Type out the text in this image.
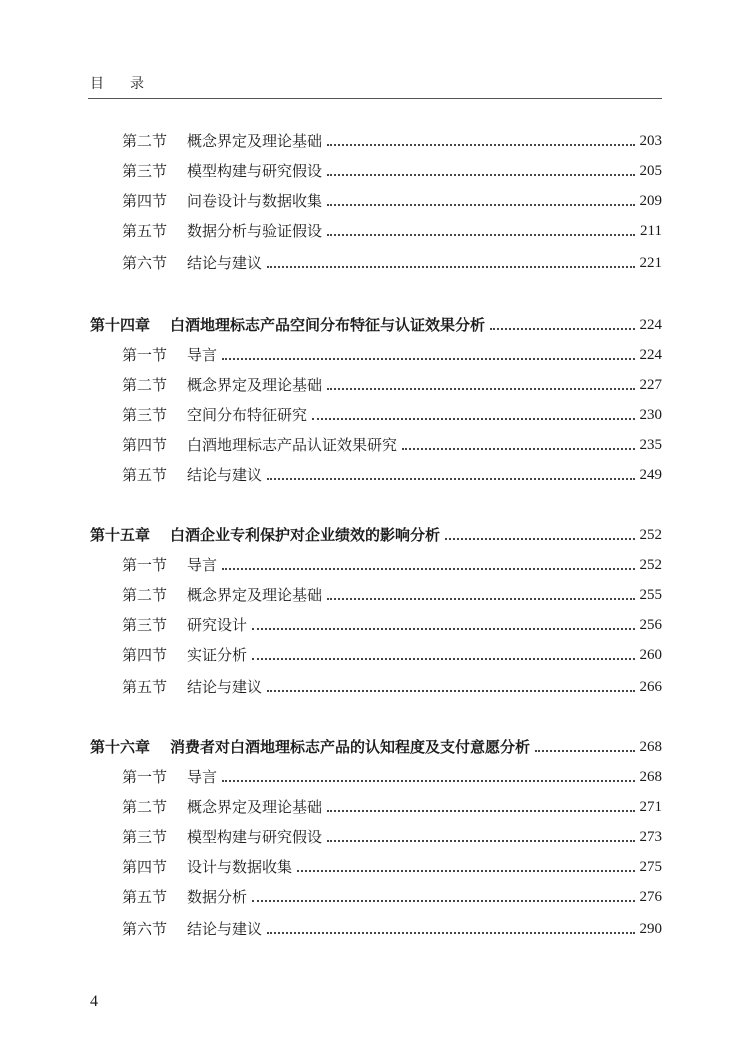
目 录
第二节	概念界定及理论基础	203
第三节	模型构建与研究假设	205
第四节	问卷设计与数据收集	209
第五节	数据分析与验证假设	211
第六节	结论与建议	221
第十四章	白酒地理标志产品空间分布特征与认证效果分析	224
第一节	导言	224
第二节	概念界定及理论基础	227
第三节	空间分布特征研究	230
第四节	白酒地理标志产品认证效果研究	235
第五节	结论与建议	249
第十五章	白酒企业专利保护对企业绩效的影响分析	252
第一节	导言	252
第二节	概念界定及理论基础	255
第三节	研究设计	256
第四节	实证分析	260
第五节	结论与建议	266
第十六章	消费者对白酒地理标志产品的认知程度及支付意愿分析	268
第一节	导言	268
第二节	概念界定及理论基础	271
第三节	模型构建与研究假设	273
第四节	设计与数据收集	275
第五节	数据分析	276
第六节	结论与建议	290
4
